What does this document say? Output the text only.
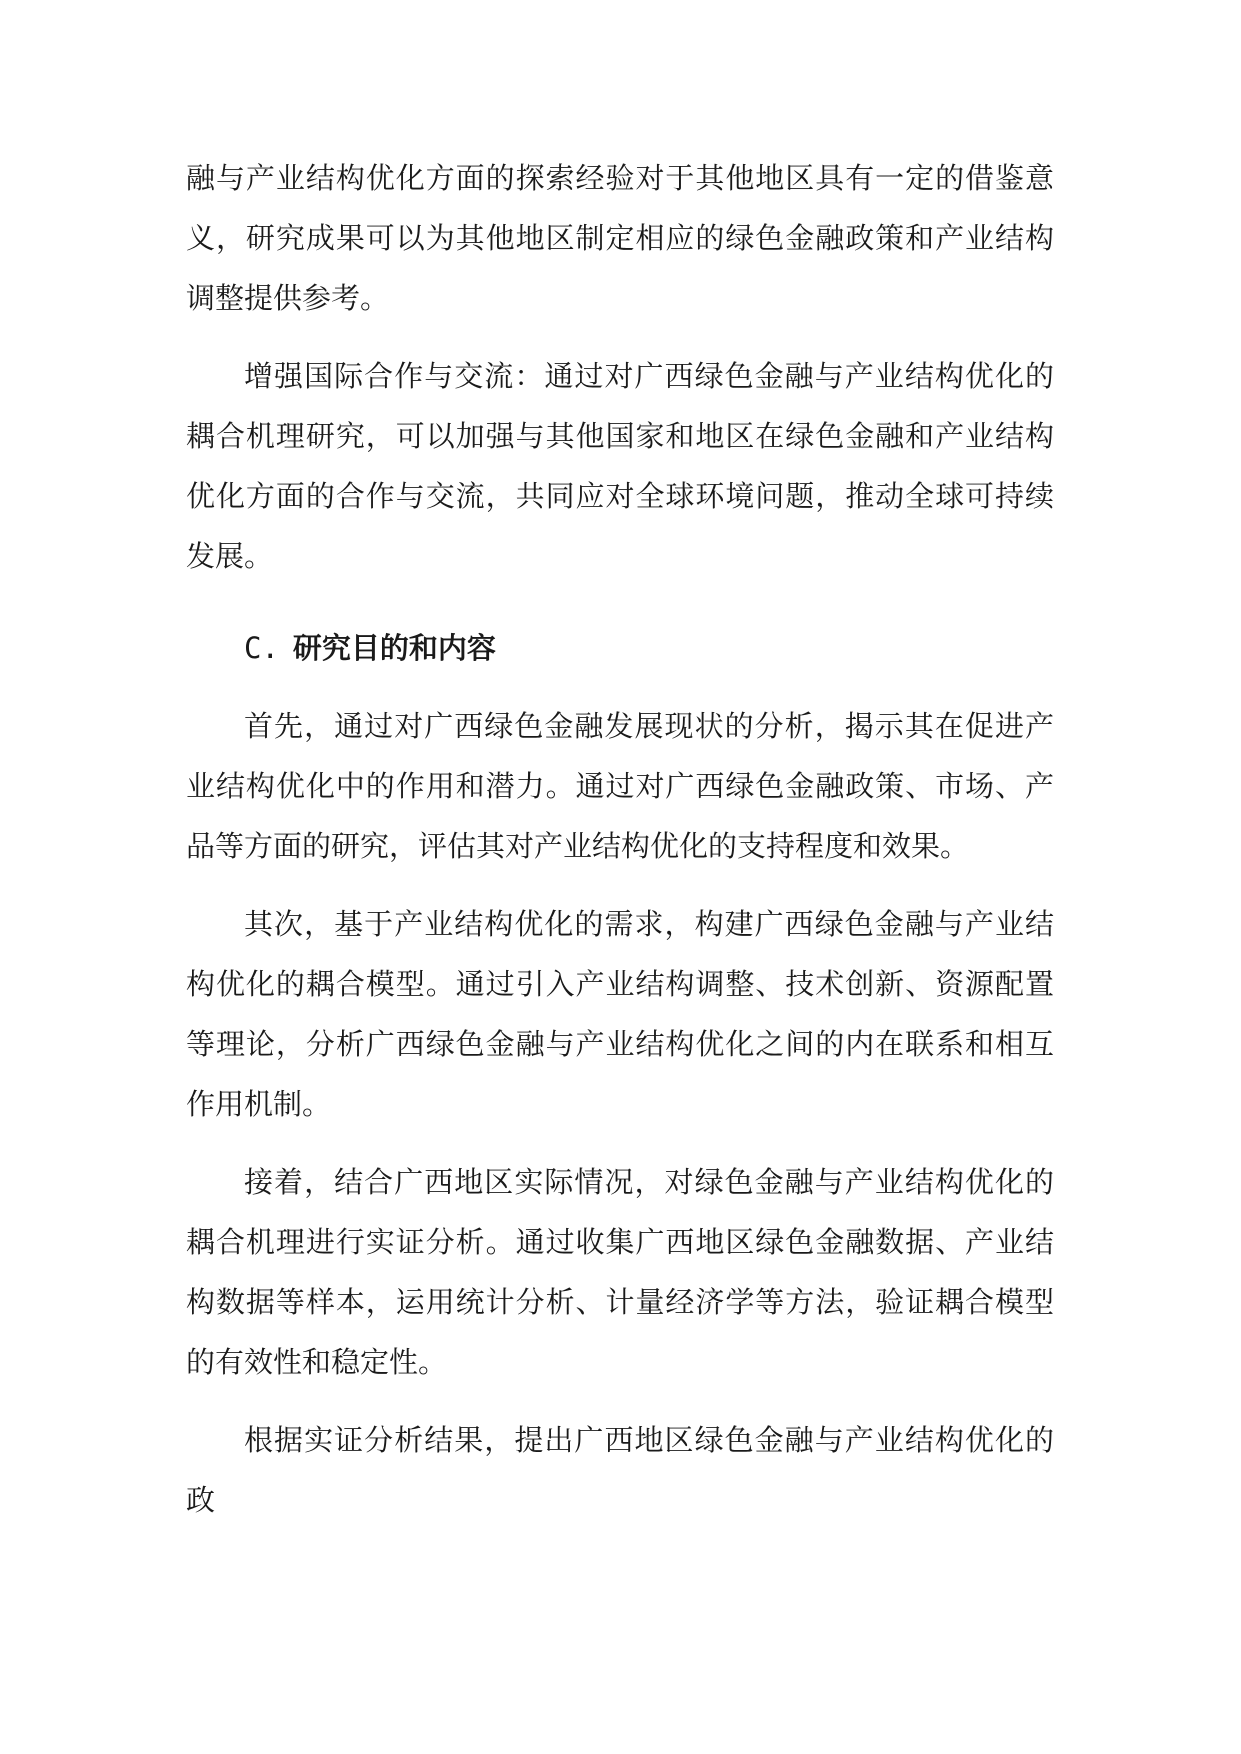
融与产业结构优化方面的探索经验对于其他地区具有一定的借鉴意义，研究成果可以为其他地区制定相应的绿色金融政策和产业结构调整提供参考。

增强国际合作与交流：通过对广西绿色金融与产业结构优化的耦合机理研究，可以加强与其他国家和地区在绿色金融和产业结构优化方面的合作与交流，共同应对全球环境问题，推动全球可持续发展。

C. 研究目的和内容

首先，通过对广西绿色金融发展现状的分析，揭示其在促进产业结构优化中的作用和潜力。通过对广西绿色金融政策、市场、产品等方面的研究，评估其对产业结构优化的支持程度和效果。

其次，基于产业结构优化的需求，构建广西绿色金融与产业结构优化的耦合模型。通过引入产业结构调整、技术创新、资源配置等理论，分析广西绿色金融与产业结构优化之间的内在联系和相互作用机制。

接着，结合广西地区实际情况，对绿色金融与产业结构优化的耦合机理进行实证分析。通过收集广西地区绿色金融数据、产业结构数据等样本，运用统计分析、计量经济学等方法，验证耦合模型的有效性和稳定性。

根据实证分析结果，提出广西地区绿色金融与产业结构优化的政
